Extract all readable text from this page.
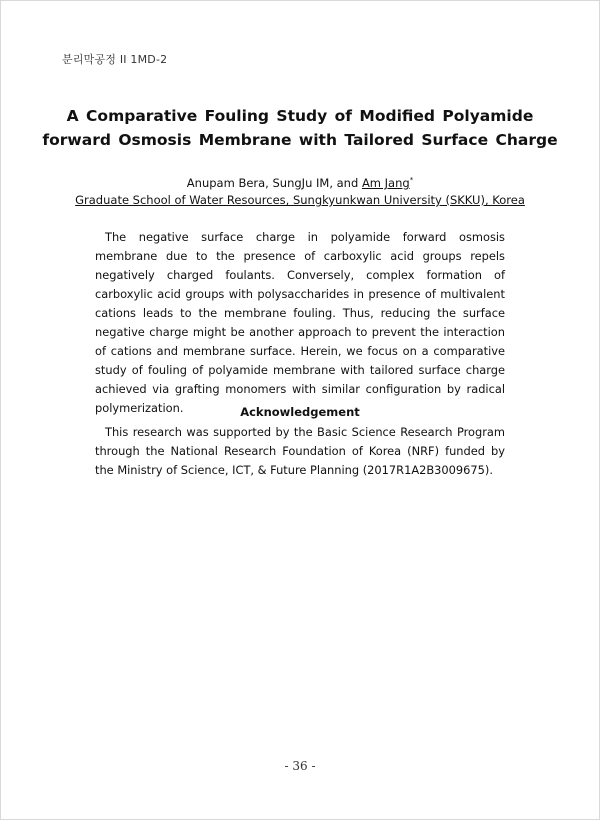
분리막공정 II 1MD-2
A Comparative Fouling Study of Modified Polyamide
forward Osmosis Membrane with Tailored Surface Charge
Anupam Bera, SungJu IM, and Am Jang*
Graduate School of Water Resources, Sungkyunkwan University (SKKU), Korea
The negative surface charge in polyamide forward osmosis membrane due to the presence of carboxylic acid groups repels negatively charged foulants. Conversely, complex formation of carboxylic acid groups with polysaccharides in presence of multivalent cations leads to the membrane fouling. Thus, reducing the surface negative charge might be another approach to prevent the interaction of cations and membrane surface. Herein, we focus on a comparative study of fouling of polyamide membrane with tailored surface charge achieved via grafting monomers with similar configuration by radical polymerization.	Acknowledgement
This research was supported by the Basic Science Research Program through the National Research Foundation of Korea (NRF) funded by the Ministry of Science, ICT, & Future Planning (2017R1A2B3009675).
- 36 -
